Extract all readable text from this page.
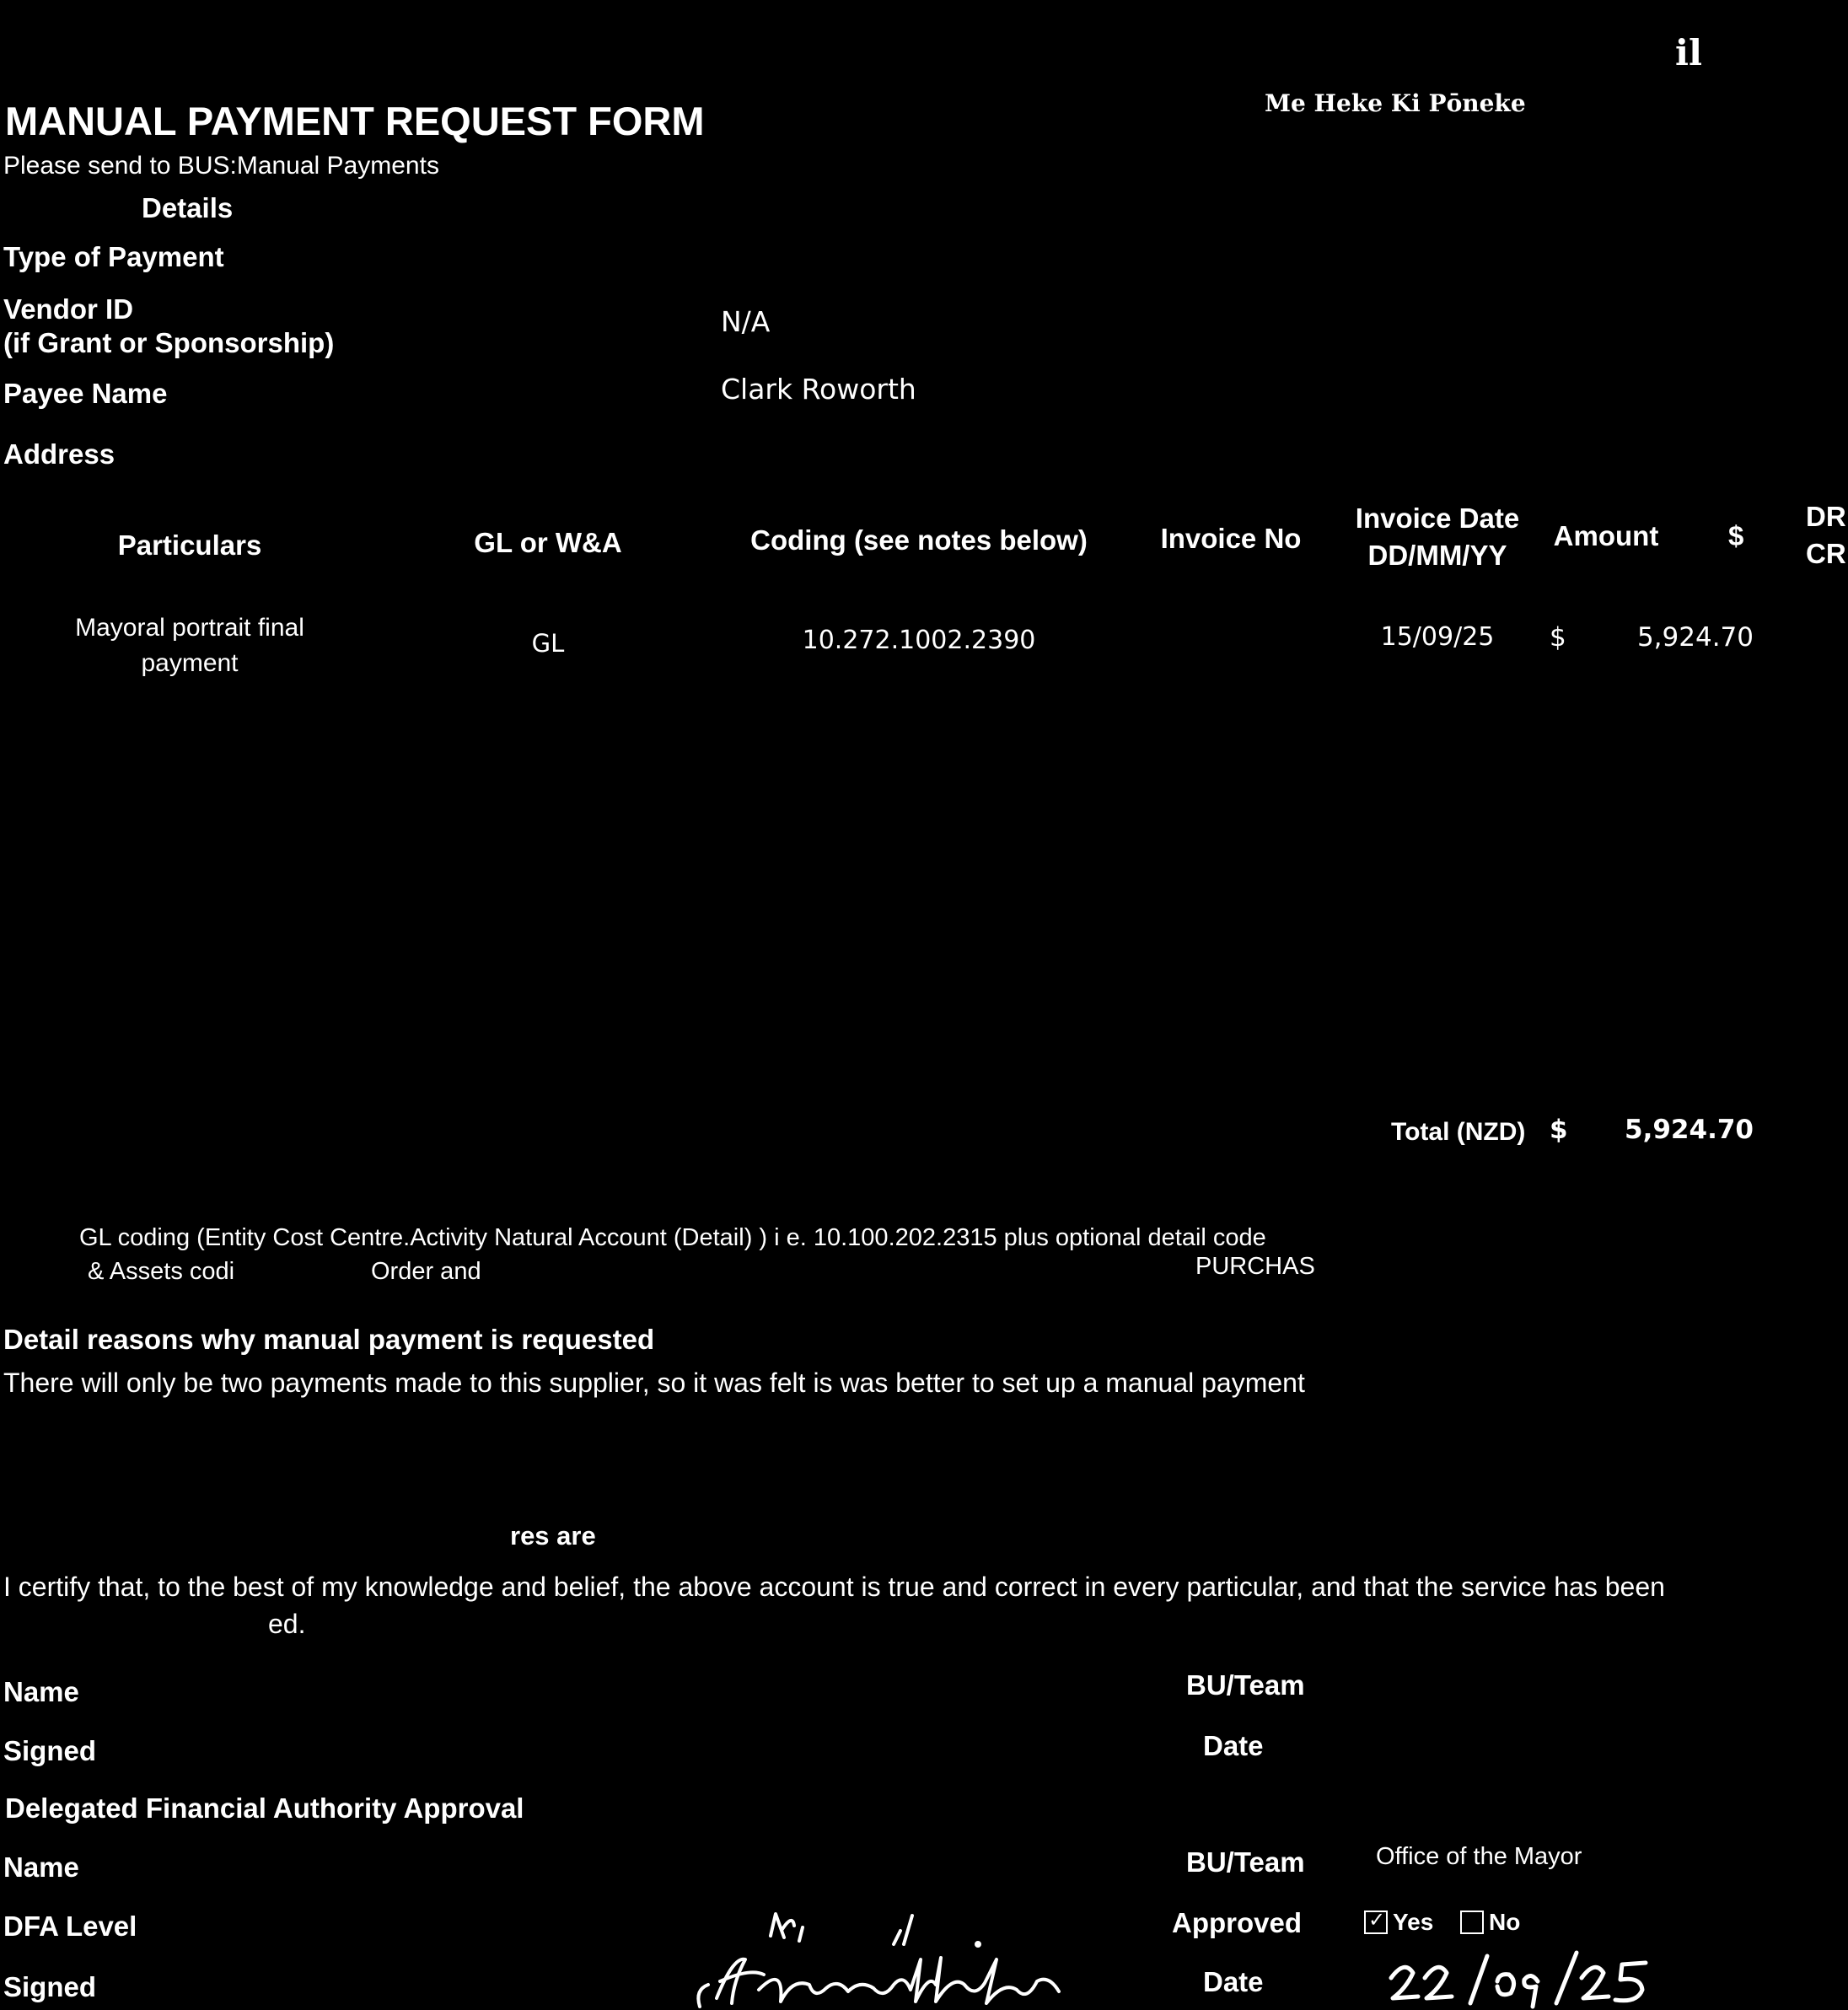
il
MANUAL PAYMENT REQUEST FORM
Please send to BUS:Manual Payments
Me Heke Ki Pōneke
Details
Type of Payment
Vendor ID
(if Grant or Sponsorship)
N/A
Payee Name	Clark Roworth
Address
Particulars	GL or W&A	Coding (see notes below)	Invoice No
Invoice Date
DD/MM/YY
Amount	$
DR
CR
Mayoral portrait final
payment
GL	10.272.1002.2390	15/09/25	$	5,924.70
Total (NZD) $	5,924.70
GL coding (Entity Cost Centre.Activity Natural Account (Detail) ) i e. 10.100.202.2315 plus optional detail code
& Assets codi	Order and	PURCHAS
Detail reasons why manual payment is requested
There will only be two payments made to this supplier, so it was felt is was better to set up a manual payment
res are
I certify that, to the best of my knowledge and belief, the above account is true and correct in every particular, and that the service has been
ed.
Name	BU/Team
Signed	Date
Delegated Financial Authority Approval
Name	BU/Team	Office of the Mayor
DFA Level	Approved
✓	Yes	No
Signed	Date
